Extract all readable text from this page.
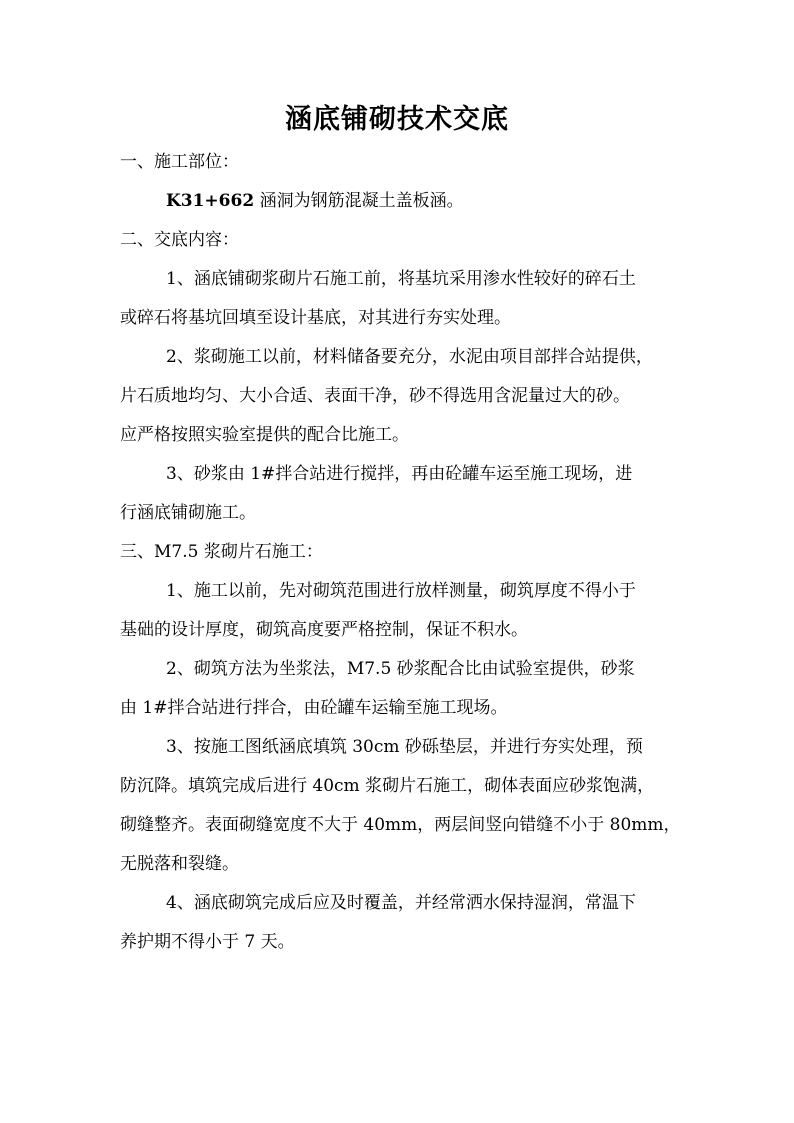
涵底铺砌技术交底

一、施工部位：

K31+662 涵洞为钢筋混凝土盖板涵。

二、交底内容：

1、涵底铺砌浆砌片石施工前，将基坑采用渗水性较好的碎石土
或碎石将基坑回填至设计基底，对其进行夯实处理。

2、浆砌施工以前，材料储备要充分，水泥由项目部拌合站提供，
片石质地均匀、大小合适、表面干净，砂不得选用含泥量过大的砂。
应严格按照实验室提供的配合比施工。

3、砂浆由 1#拌合站进行搅拌，再由砼罐车运至施工现场，进
行涵底铺砌施工。

三、M7.5 浆砌片石施工：

1、施工以前，先对砌筑范围进行放样测量，砌筑厚度不得小于
基础的设计厚度，砌筑高度要严格控制，保证不积水。

2、砌筑方法为坐浆法，M7.5 砂浆配合比由试验室提供，砂浆
由 1#拌合站进行拌合，由砼罐车运输至施工现场。

3、按施工图纸涵底填筑 30cm 砂砾垫层，并进行夯实处理，预
防沉降。填筑完成后进行 40cm 浆砌片石施工，砌体表面应砂浆饱满，
砌缝整齐。表面砌缝宽度不大于 40mm，两层间竖向错缝不小于 80mm，
无脱落和裂缝。

4、涵底砌筑完成后应及时覆盖，并经常洒水保持湿润，常温下
养护期不得小于 7 天。
